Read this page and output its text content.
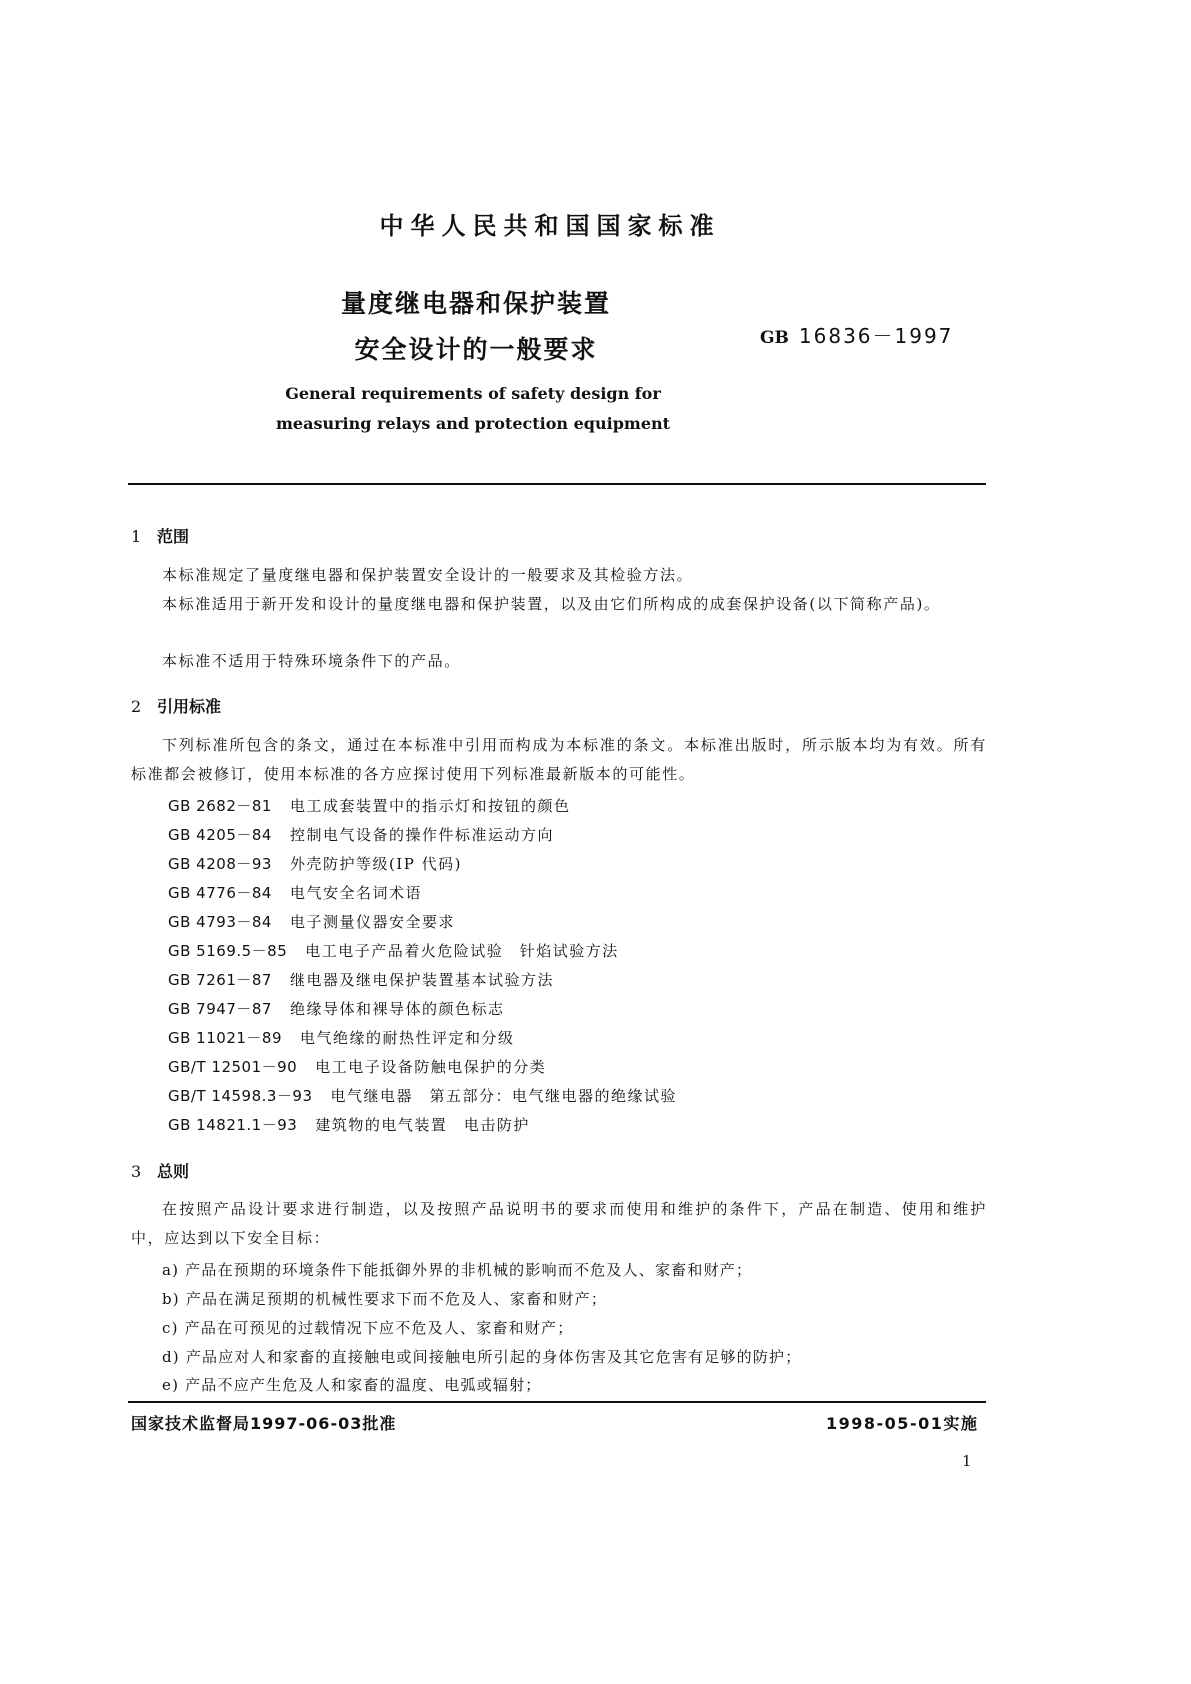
中华人民共和国国家标准
量度继电器和保护装置
安全设计的一般要求	GB 16836－1997
General requirements of safety design for
measuring relays and protection equipment
1 范围
本标准规定了量度继电器和保护装置安全设计的一般要求及其检验方法。
本标准适用于新开发和设计的量度继电器和保护装置，以及由它们所构成的成套保护设备(以下简称产品)。
本标准不适用于特殊环境条件下的产品。
2 引用标准
下列标准所包含的条文，通过在本标准中引用而构成为本标准的条文。本标准出版时，所示版本均为有效。所有标准都会被修订，使用本标准的各方应探讨使用下列标准最新版本的可能性。
GB 2682－81 电工成套装置中的指示灯和按钮的颜色
GB 4205－84 控制电气设备的操作件标准运动方向
GB 4208－93 外壳防护等级(IP 代码)
GB 4776－84 电气安全名词术语
GB 4793－84 电子测量仪器安全要求
GB 5169.5－85 电工电子产品着火危险试验　针焰试验方法
GB 7261－87 继电器及继电保护装置基本试验方法
GB 7947－87 绝缘导体和裸导体的颜色标志
GB 11021－89 电气绝缘的耐热性评定和分级
GB/T 12501－90 电工电子设备防触电保护的分类
GB/T 14598.3－93 电气继电器　第五部分：电气继电器的绝缘试验
GB 14821.1－93 建筑物的电气装置　电击防护
3 总则
在按照产品设计要求进行制造，以及按照产品说明书的要求而使用和维护的条件下，产品在制造、使用和维护中，应达到以下安全目标：
a) 产品在预期的环境条件下能抵御外界的非机械的影响而不危及人、家畜和财产；
b) 产品在满足预期的机械性要求下而不危及人、家畜和财产；
c) 产品在可预见的过载情况下应不危及人、家畜和财产；
d) 产品应对人和家畜的直接触电或间接触电所引起的身体伤害及其它危害有足够的防护；
e) 产品不应产生危及人和家畜的温度、电弧或辐射；
国家技术监督局1997-06-03批准	1998-05-01实施
1
